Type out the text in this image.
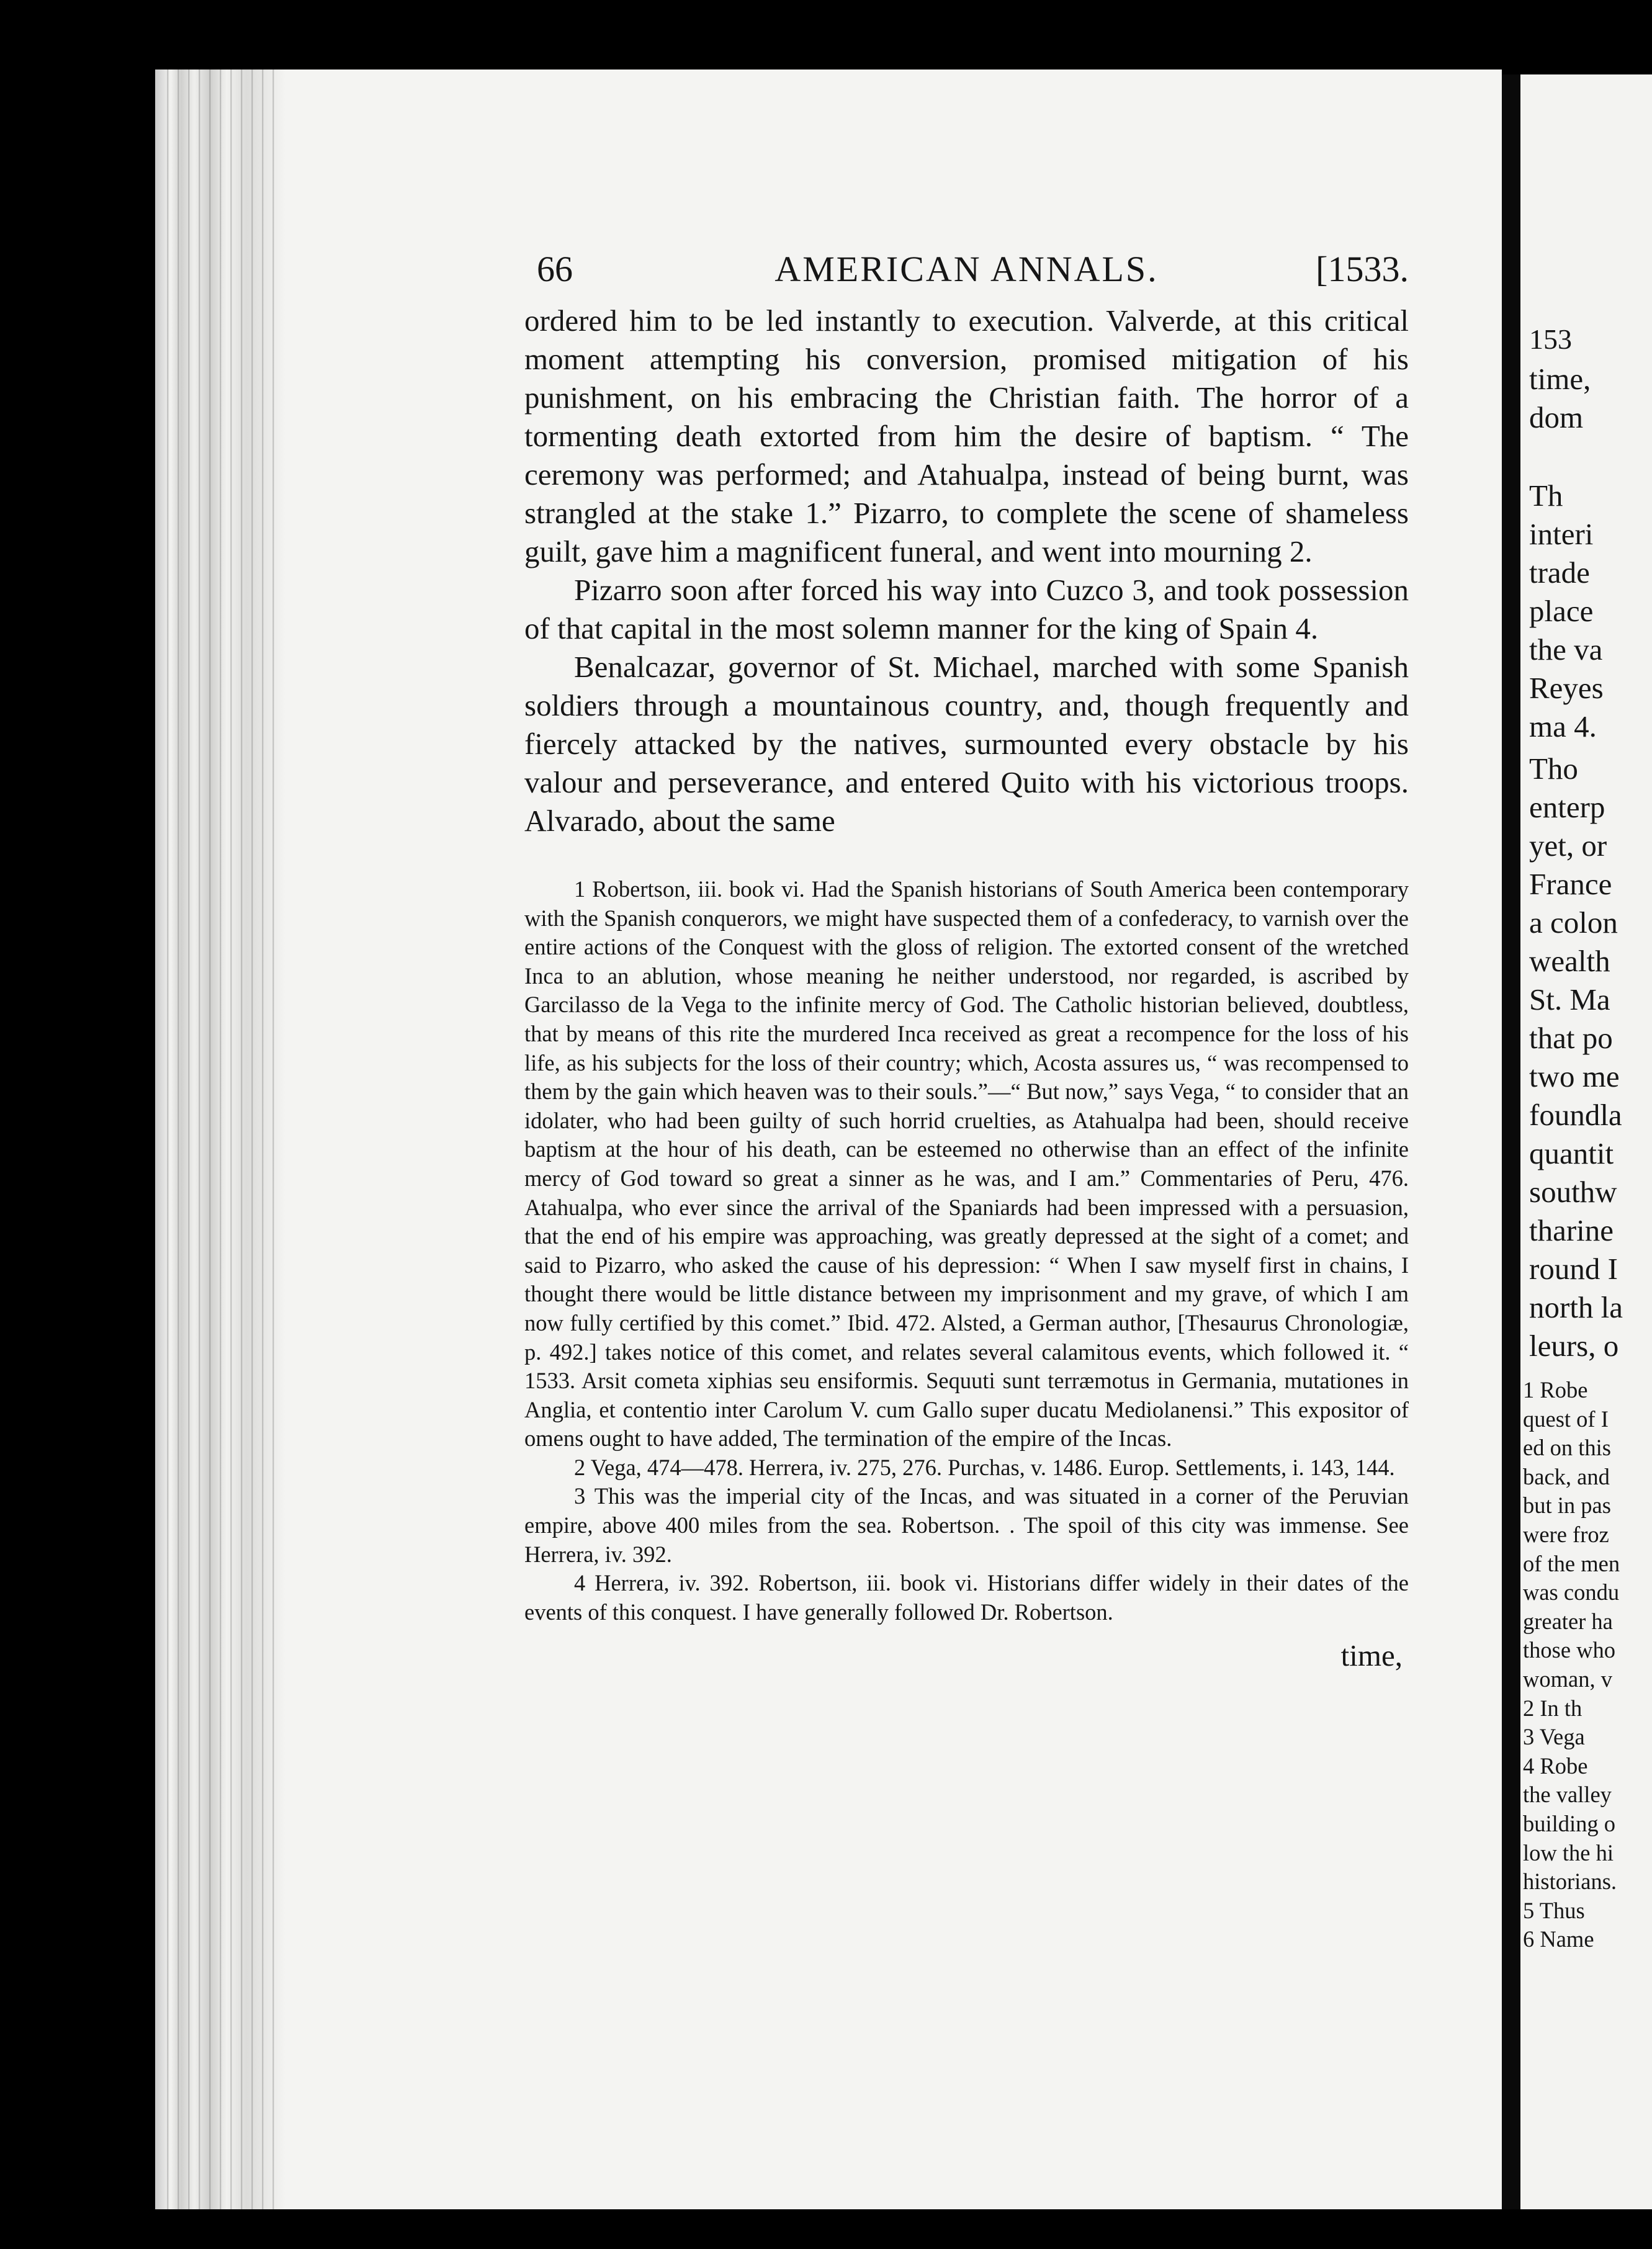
153
time,
dom
Th
interi
trade
place
the va
Reyes
ma 4.
Tho
enterp
yet, or
France
a colon
wealth
St. Ma
that po
two me
foundla
quantit
southw
tharine
round I
north la
leurs, o
1 Robe
quest of I
ed on this
back, and
but in pas
were froz
of the men
was condu
greater ha
those who
woman, v
2 In th
3 Vega
4 Robe
the valley
building o
low the hi
historians.
5 Thus
6 Name
66	AMERICAN ANNALS.	[1533.

ordered him to be led instantly to execution. Valverde, at this critical moment attempting his conversion, promised mitigation of his punishment, on his embracing the Christian faith. The horror of a tormenting death extorted from him the desire of baptism. “ The ceremony was performed; and Atahualpa, instead of being burnt, was strangled at the stake 1.” Pizarro, to complete the scene of shameless guilt, gave him a magnificent funeral, and went into mourning 2.

Pizarro soon after forced his way into Cuzco 3, and took possession of that capital in the most solemn manner for the king of Spain 4.

Benalcazar, governor of St. Michael, marched with some Spanish soldiers through a mountainous country, and, though frequently and fiercely attacked by the natives, surmounted every obstacle by his valour and perseverance, and entered Quito with his victorious troops. Alvarado, about the same

1 Robertson, iii. book vi. Had the Spanish historians of South America been contemporary with the Spanish conquerors, we might have suspected them of a confederacy, to varnish over the entire actions of the Conquest with the gloss of religion. The extorted consent of the wretched Inca to an ablution, whose meaning he neither understood, nor regarded, is ascribed by Garcilasso de la Vega to the infinite mercy of God. The Catholic historian believed, doubtless, that by means of this rite the murdered Inca received as great a recompence for the loss of his life, as his subjects for the loss of their country; which, Acosta assures us, “ was recompensed to them by the gain which heaven was to their souls.”—“ But now,” says Vega, “ to consider that an idolater, who had been guilty of such horrid cruelties, as Atahualpa had been, should receive baptism at the hour of his death, can be esteemed no otherwise than an effect of the infinite mercy of God toward so great a sinner as he was, and I am.” Commentaries of Peru, 476. Atahualpa, who ever since the arrival of the Spaniards had been impressed with a persuasion, that the end of his empire was approaching, was greatly depressed at the sight of a comet; and said to Pizarro, who asked the cause of his depression: “ When I saw myself first in chains, I thought there would be little distance between my imprisonment and my grave, of which I am now fully certified by this comet.” Ibid. 472. Alsted, a German author, [Thesaurus Chronologiæ, p. 492.] takes notice of this comet, and relates several calamitous events, which followed it. “ 1533. Arsit cometa xiphias seu ensiformis. Sequuti sunt terræmotus in Germania, mutationes in Anglia, et contentio inter Carolum V. cum Gallo super ducatu Mediolanensi.” This expositor of omens ought to have added, The termination of the empire of the Incas.

2 Vega, 474—478. Herrera, iv. 275, 276. Purchas, v. 1486. Europ. Settlements, i. 143, 144.

3 This was the imperial city of the Incas, and was situated in a corner of the Peruvian empire, above 400 miles from the sea. Robertson. . The spoil of this city was immense. See Herrera, iv. 392.

4 Herrera, iv. 392. Robertson, iii. book vi. Historians differ widely in their dates of the events of this conquest. I have generally followed Dr. Robertson.

time,
